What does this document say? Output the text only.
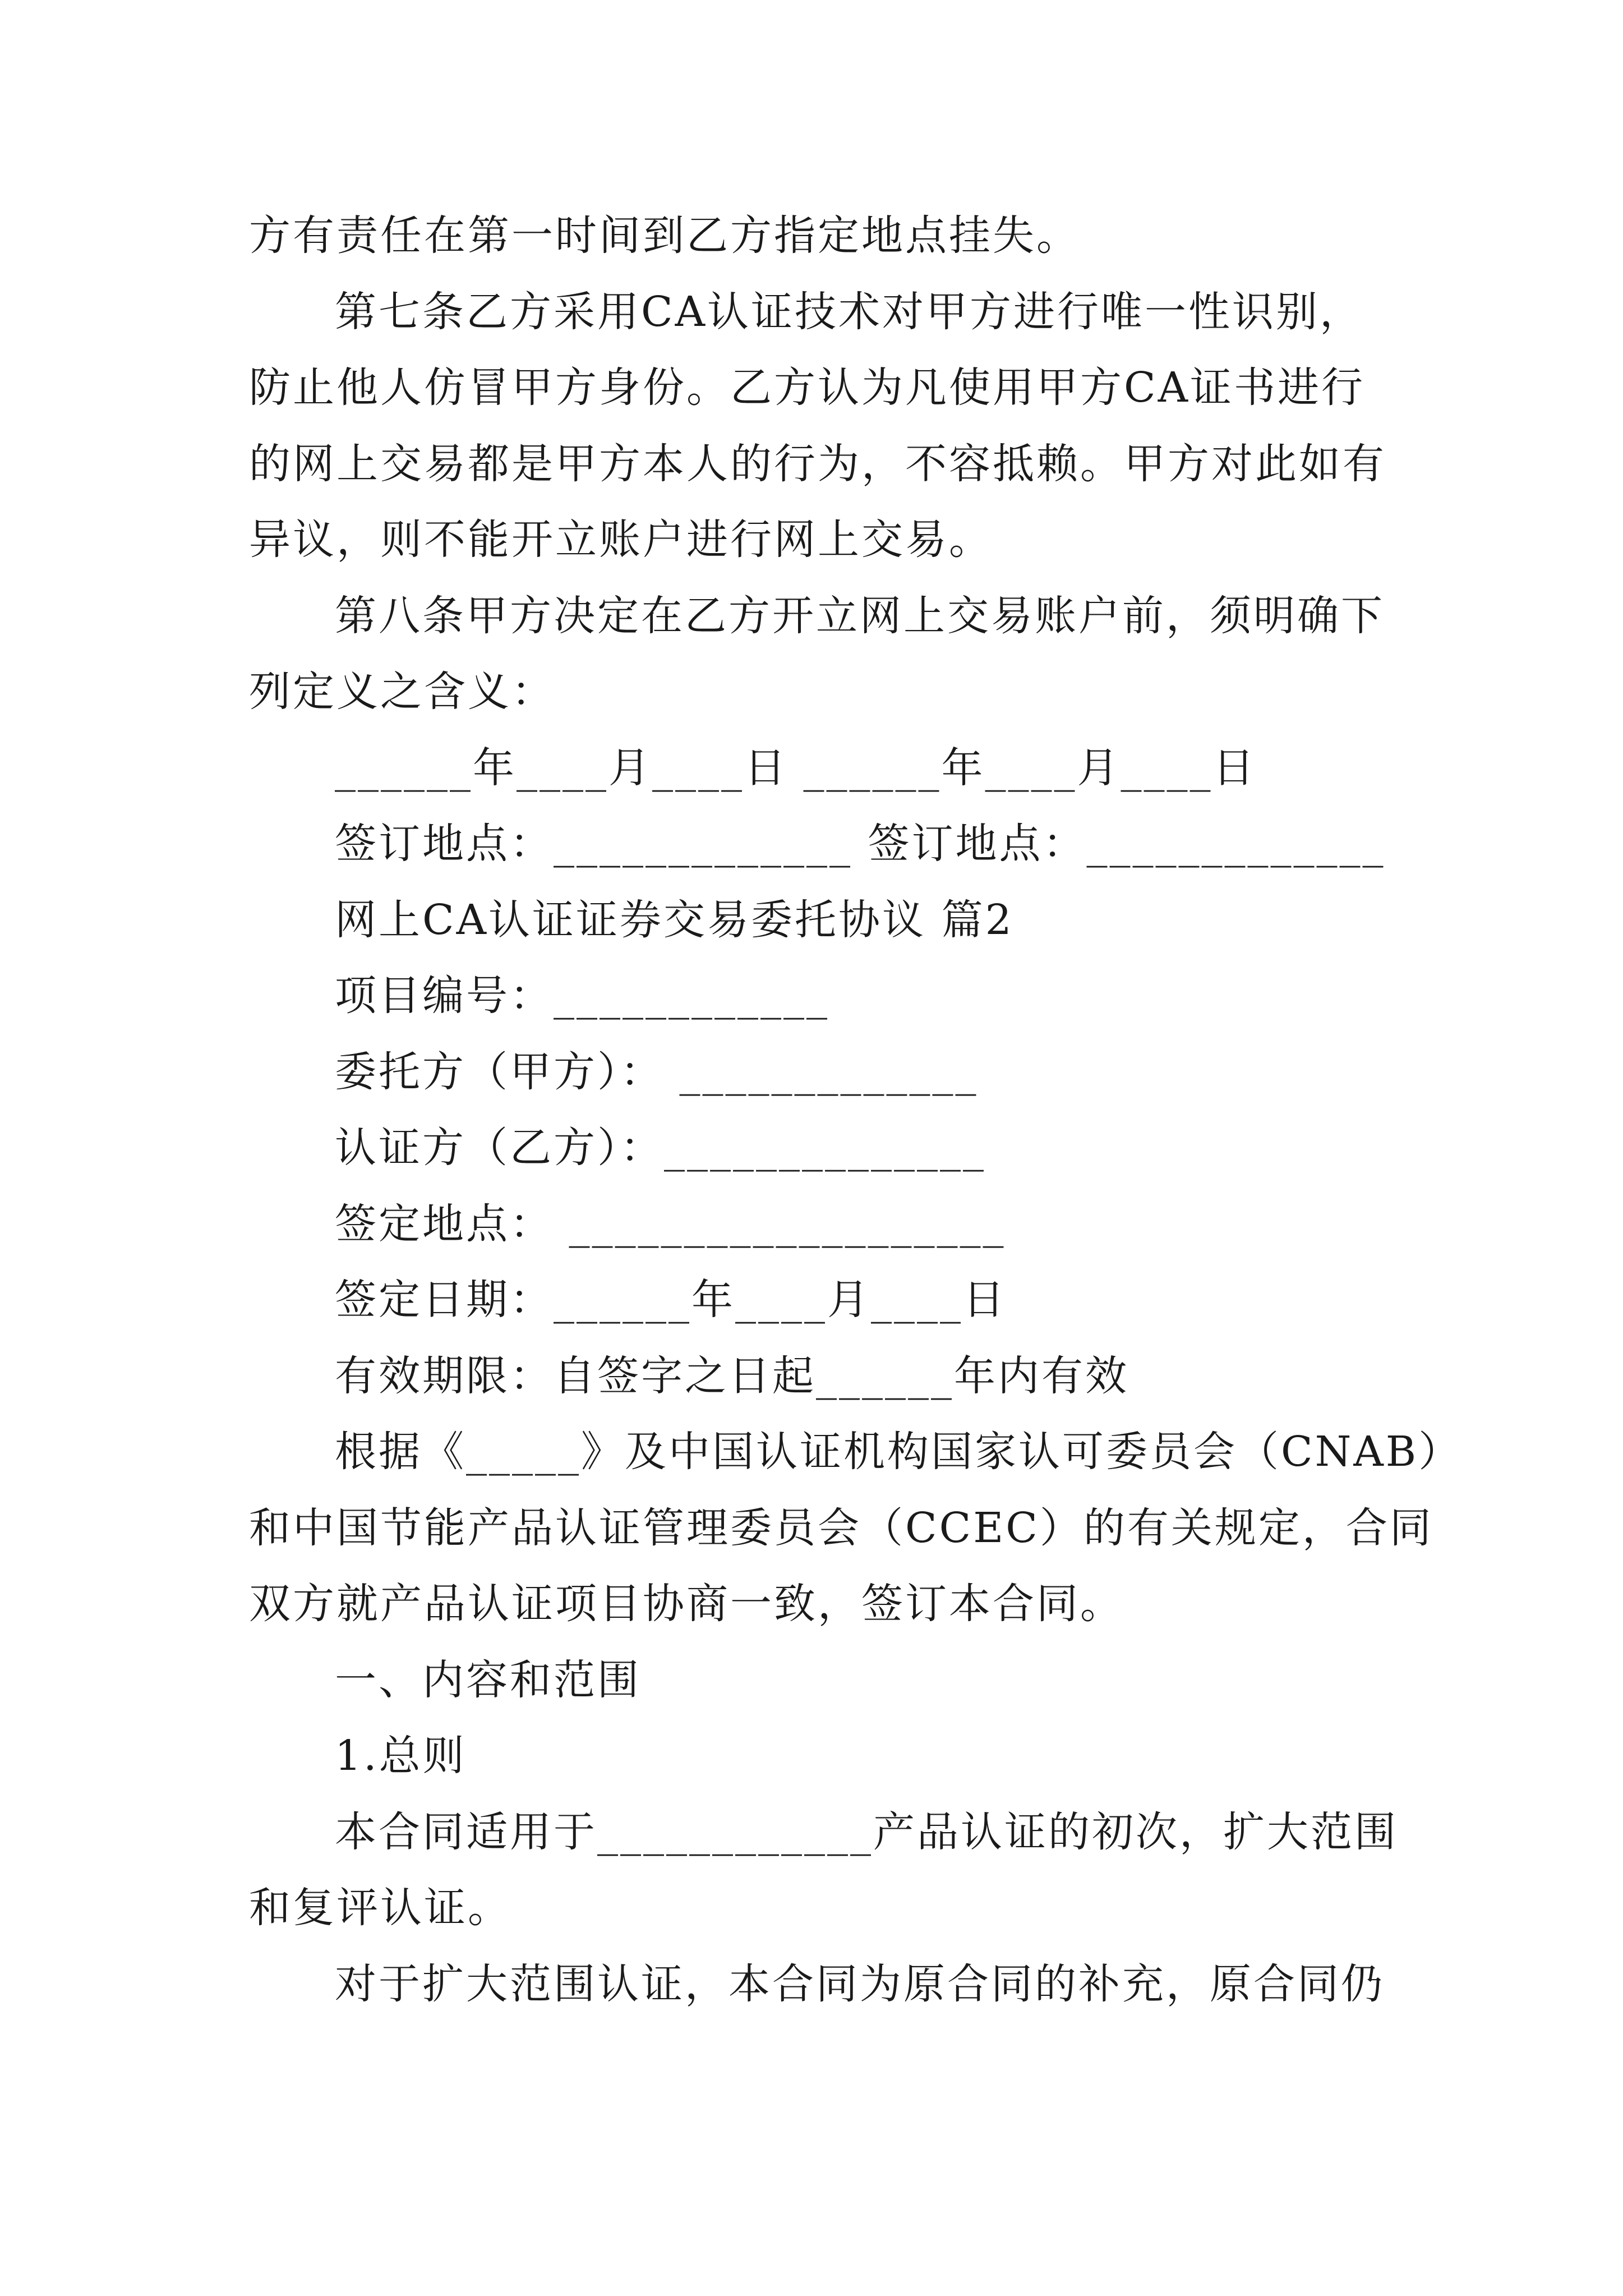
方有责任在第一时间到乙方指定地点挂失。
第七条乙方采用CA认证技术对甲方进行唯一性识别，
防止他人仿冒甲方身份。乙方认为凡使用甲方CA证书进行
的网上交易都是甲方本人的行为，不容抵赖。甲方对此如有
异议，则不能开立账户进行网上交易。
第八条甲方决定在乙方开立网上交易账户前，须明确下
列定义之含义：
______年____月____日 ______年____月____日
签订地点：_____________ 签订地点：_____________
网上CA认证证券交易委托协议 篇2
项目编号：____________
委托方（甲方）： _____________
认证方（乙方）：______________
签定地点： ___________________
签定日期：______年____月____日
有效期限：自签字之日起______年内有效
根据《_____》及中国认证机构国家认可委员会（CNAB）
和中国节能产品认证管理委员会（CCEC）的有关规定，合同
双方就产品认证项目协商一致，签订本合同。
一、内容和范围
1.总则
本合同适用于____________产品认证的初次，扩大范围
和复评认证。
对于扩大范围认证，本合同为原合同的补充，原合同仍
